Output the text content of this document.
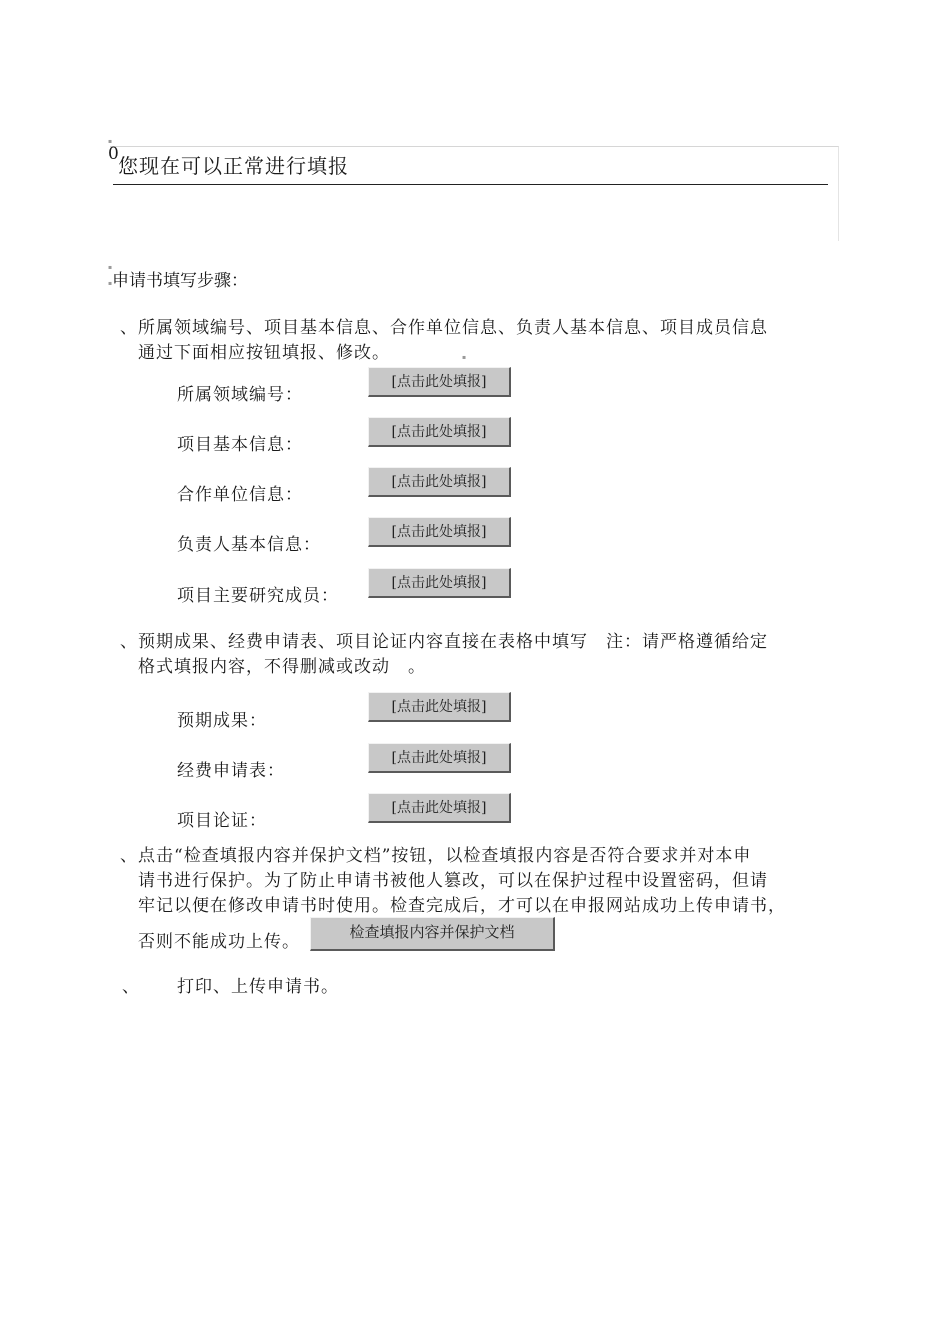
0 您现在可以正常进行填报
▪
▪
▪
▪
申请书填写步骤：
、所属领域编号、项目基本信息、合作单位信息、负责人基本信息、项目成员信息
通过下面相应按钮填报、修改。
所属领域编号：
[点击此处填报]
项目基本信息：
[点击此处填报]
合作单位信息：
[点击此处填报]
负责人基本信息：
[点击此处填报]
项目主要研究成员：
[点击此处填报]
、预期成果、经费申请表、项目论证内容直接在表格中填写　注：请严格遵循给定
格式填报内容，不得删减或改动　。
预期成果：
[点击此处填报]
经费申请表：
[点击此处填报]
项目论证：
[点击此处填报]
、点击“检查填报内容并保护文档”按钮，以检查填报内容是否符合要求并对本申
请书进行保护。为了防止申请书被他人篡改，可以在保护过程中设置密码，但请
牢记以便在修改申请书时使用。检查完成后，才可以在申报网站成功上传申请书，
否则不能成功上传。	检查填报内容并保护文档
、 打印、上传申请书。
